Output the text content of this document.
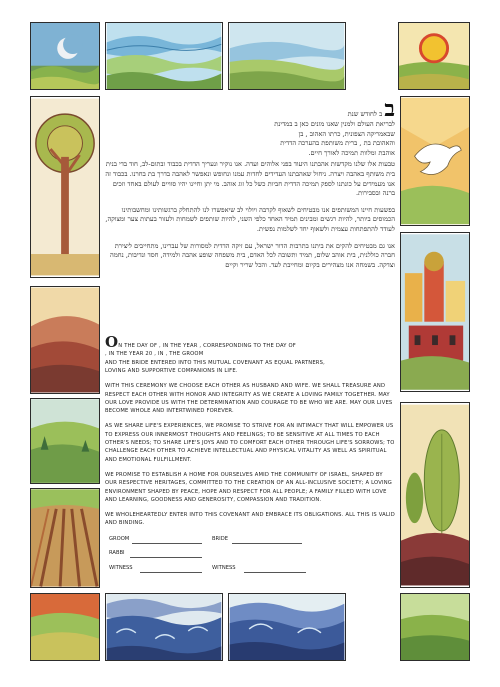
ב ב לחודש שנת
לבריאת העולם ולמנין שאנו מונים כאן ב במדינת
שבאמריקה הצפונית, כרתו האהוב , בן
והאהובת בת , ברית משותפת בהערכה הדדית
אוהבת ומלוות תמיכה לאורך חיים.

טבעות אלו שלנו מקדשות אהבתנו היעוד בפני אלוהים ועדה. אנו נוקיר ונעריך הדדית בכבוד ובתום-לב, חוד בדי בנית בית משותף באהבה ויצרה. ניחול שאהבתנו העדידים לחדות עמנו ונחופש ונאפשר לאהבה בדרך בת בחרנו. בכבוד זה אנו מעמידים על כונתנו לספק תמיכה הדדית חביות כשל כל זוג אוהב. מי יתן וחיינו יהיו סוויים לעולם באחד וזכים ברנה ובסבירות.

בפשעות חיינו המשותפים אנו מבטיחים לשאוף לקרבה ויולוי לב שיאפשרו לנו להתחלק ברגשותינו ומחשבותינו הכמוסים ביותר, להיות רגשים ומבינים תמיד האחד כלפי השני, להיות שותפים לשמחות ולעזור בעתות צער ומצוקה, לעודד להתפתחות עצמית ולשאוף יחד לשלמות נפשית.

אנו גם מבטיחים להקים את ביתנו בתרבות הדור ישראל, עם זיקה הדדית למסורות של עברינו, מתחייבים ליצירת חברה כוללנית, בית אוהב שלום, תמיד ותשובה לכל האדם, בית משפחה שופע אהבה ולמידה, חסד ונדיבות, נחמה וצדקה. בשמחה אנו מצהירים בקיום ומחייבת לעד. והכל שריר וקיים

ON THE DAY OF , IN THE YEAR , CORRESPONDING TO THE DAY OF
, IN THE YEAR 20 , IN , THE GROOM
AND THE BRIDE ENTERED INTO THIS MUTUAL COVENANT AS EQUAL PARTNERS,
LOVING AND SUPPORTIVE COMPANIONS IN LIFE.

WITH THIS CEREMONY WE CHOOSE EACH OTHER AS HUSBAND AND WIFE. WE SHALL TREASURE AND RESPECT EACH OTHER WITH HONOR AND INTEGRITY AS WE CREATE A LOVING FAMILY TOGETHER. MAY OUR LOVE PROVIDE US WITH THE DETERMINATION AND COURAGE TO BE WHO WE ARE. MAY OUR LIVES BECOME WHOLE AND INTERTWINED FOREVER.

AS WE SHARE LIFE'S EXPERIENCES, WE PROMISE TO STRIVE FOR AN INTIMACY THAT WILL EMPOWER US TO EXPRESS OUR INNERMOST THOUGHTS AND FEELINGS; TO BE SENSITIVE AT ALL TIMES TO EACH OTHER'S NEEDS; TO SHARE LIFE'S JOYS AND TO COMFORT EACH OTHER THROUGH LIFE'S SORROWS; TO CHALLENGE EACH OTHER TO ACHIEVE INTELLECTUAL AND PHYSICAL VITALITY AS WELL AS SPIRITUAL AND EMOTIONAL FULFILLMENT.

WE PROMISE TO ESTABLISH A HOME FOR OURSELVES AMID THE COMMUNITY OF ISRAEL, SHAPED BY OUR RESPECTIVE HERITAGES, COMMITTED TO THE CREATION OF AN ALL-INCLUSIVE SOCIETY; A LOVING ENVIRONMENT SHAPED BY PEACE, HOPE AND RESPECT FOR ALL PEOPLE; A FAMILY FILLED WITH LOVE AND LEARNING, GOODNESS AND GENEROSITY, COMPASSION AND TRADITION.

WE WHOLEHEARTEDLY ENTER INTO THIS COVENANT AND EMBRACE ITS OBLIGATIONS. ALL THIS IS VALID AND BINDING.

GROOM	BRIDE
RABBI
WITNESS	WITNESS
